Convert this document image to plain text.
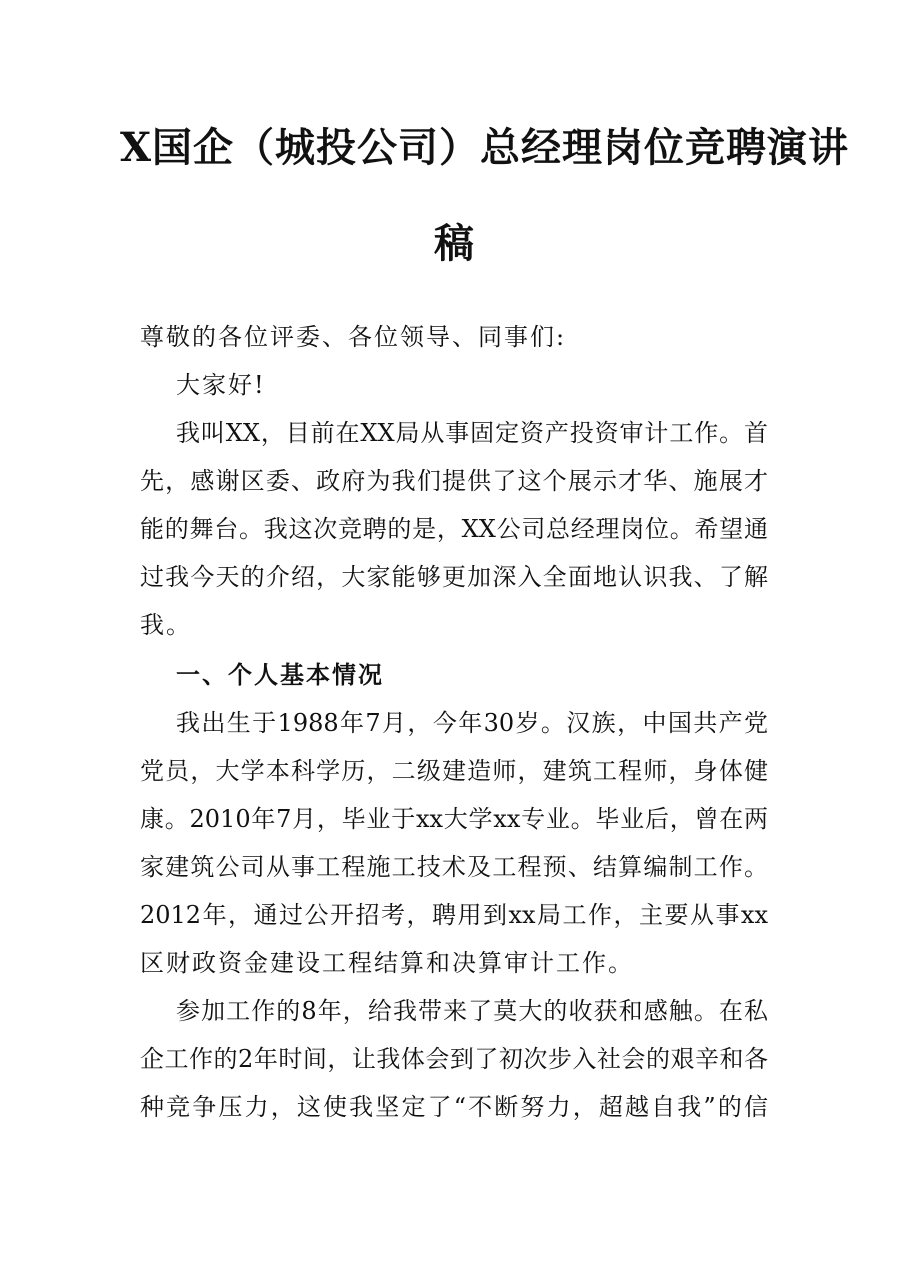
X国企（城投公司）总经理岗位竞聘演讲
稿
尊敬的各位评委、各位领导、同事们:
大家好!
我叫XX，目前在XX局从事固定资产投资审计工作。首
先，感谢区委、政府为我们提供了这个展示才华、施展才
能的舞台。我这次竞聘的是，XX公司总经理岗位。希望通
过我今天的介绍，大家能够更加深入全面地认识我、了解
我。
一、个人基本情况
我出生于1988年7月，今年30岁。汉族，中国共产党
党员，大学本科学历，二级建造师，建筑工程师，身体健
康。2010年7月，毕业于xx大学xx专业。毕业后，曾在两
家建筑公司从事工程施工技术及工程预、结算编制工作。
2012年，通过公开招考，聘用到xx局工作，主要从事xx
区财政资金建设工程结算和决算审计工作。
参加工作的8年，给我带来了莫大的收获和感触。在私
企工作的2年时间，让我体会到了初次步入社会的艰辛和各
种竞争压力，这使我坚定了“不断努力，超越自我”的信
